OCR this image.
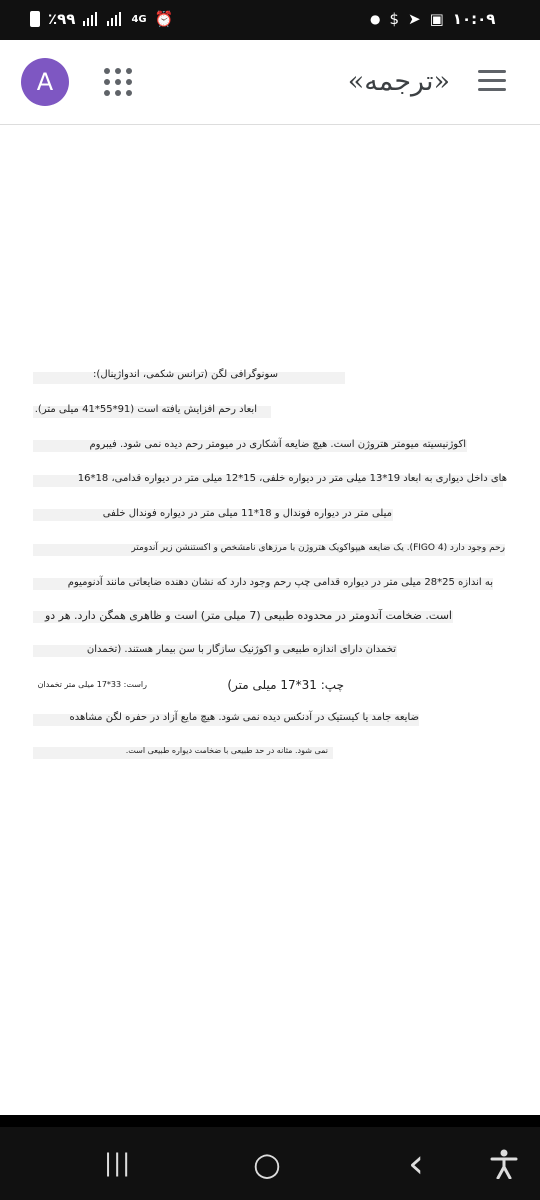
⏰
4G
٪۹۹	● $ ➤ ▣ ۱۰:۰۹
A	«ترجمه»
سونوگرافی لگن (ترانس شکمی، اندواژینال):
ابعاد رحم افزایش یافته است (91*55*41 میلی متر).
اکوژنیسیته میومتر هتروژن است. هیچ ضایعه آشکاری در میومتر رحم دیده نمی شود. فیبروم
های داخل دیواری به ابعاد 19*13 میلی متر در دیواره خلفی، 15*12 میلی متر در دیواره قدامی، 18*16
میلی متر در دیواره فوندال و 18*11 میلی متر در دیواره فوندال خلفی
رحم وجود دارد (FIGO 4). یک ضایعه هیپواکویک هتروژن با مرزهای نامشخص و اکستنشن زیر آندومتر
به اندازه 25*28 میلی متر در دیواره قدامی چپ رحم وجود دارد که نشان دهنده ضایعاتی مانند آدنومیوم
است. ضخامت آندومتر در محدوده طبیعی (7 میلی متر) است و ظاهری همگن دارد. هر دو
تخمدان دارای اندازه طبیعی و اکوژنیک سازگار با سن بیمار هستند. (تخمدان
چپ: 31*17 میلی متر)
راست: 33*17 میلی متر تخمدان
ضایعه جامد یا کیستیک در آدنکس دیده نمی شود. هیچ مایع آزاد در حفره لگن مشاهده
نمی شود. مثانه در حد طبیعی با ضخامت دیواره طبیعی است.
|||	○	‹
